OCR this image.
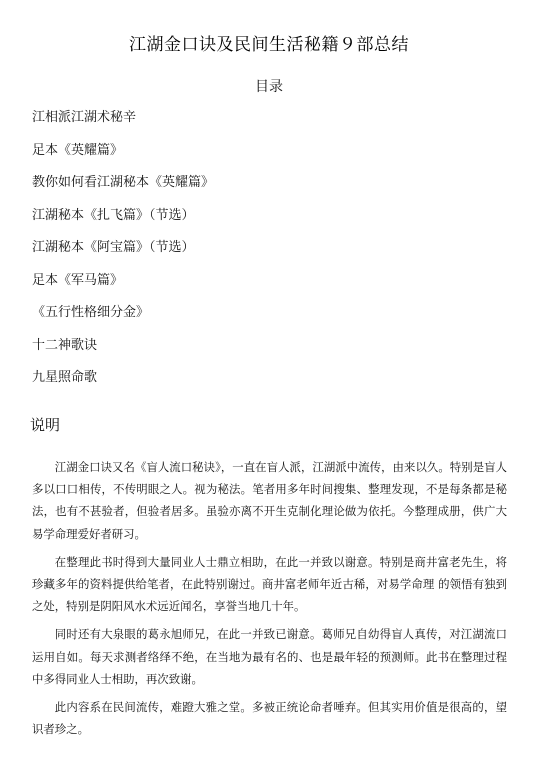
江湖金口诀及民间生活秘籍９部总结
目录
江相派江湖术秘辛
足本《英耀篇》
教你如何看江湖秘本《英耀篇》
江湖秘本《扎飞篇》（节选）
江湖秘本《阿宝篇》（节选）
足本《军马篇》
《五行性格细分金》
十二神歌诀
九星照命歌
说明

江湖金口诀又名《盲人流口秘诀》，一直在盲人派，江湖派中流传，由来以久。特别是盲人多以口口相传，不传明眼之人。视为秘法。笔者用多年时间搜集、整理发现，不是每条都是秘法，也有不甚验者，但验者居多。虽验亦离不开生克制化理论做为依托。今整理成册，供广大易学命理爱好者研习。

在整理此书时得到大量同业人士鼎立相助，在此一并致以谢意。特别是商井富老先生，将珍藏多年的资料提供给笔者，在此特别谢过。商井富老师年近古稀，对易学命理 的领悟有独到之处，特别是阴阳风水术远近闻名，享誉当地几十年。

同时还有大泉眼的葛永旭师兄，在此一并致已谢意。葛师兄自幼得盲人真传，对江湖流口运用自如。每天求测者络绎不绝，在当地为最有名的、也是最年轻的预测师。此书在整理过程中多得同业人士相助，再次致谢。

此内容系在民间流传，难蹬大雅之堂。多被正统论命者唾弃。但其实用价值是很高的，望识者珍之。
